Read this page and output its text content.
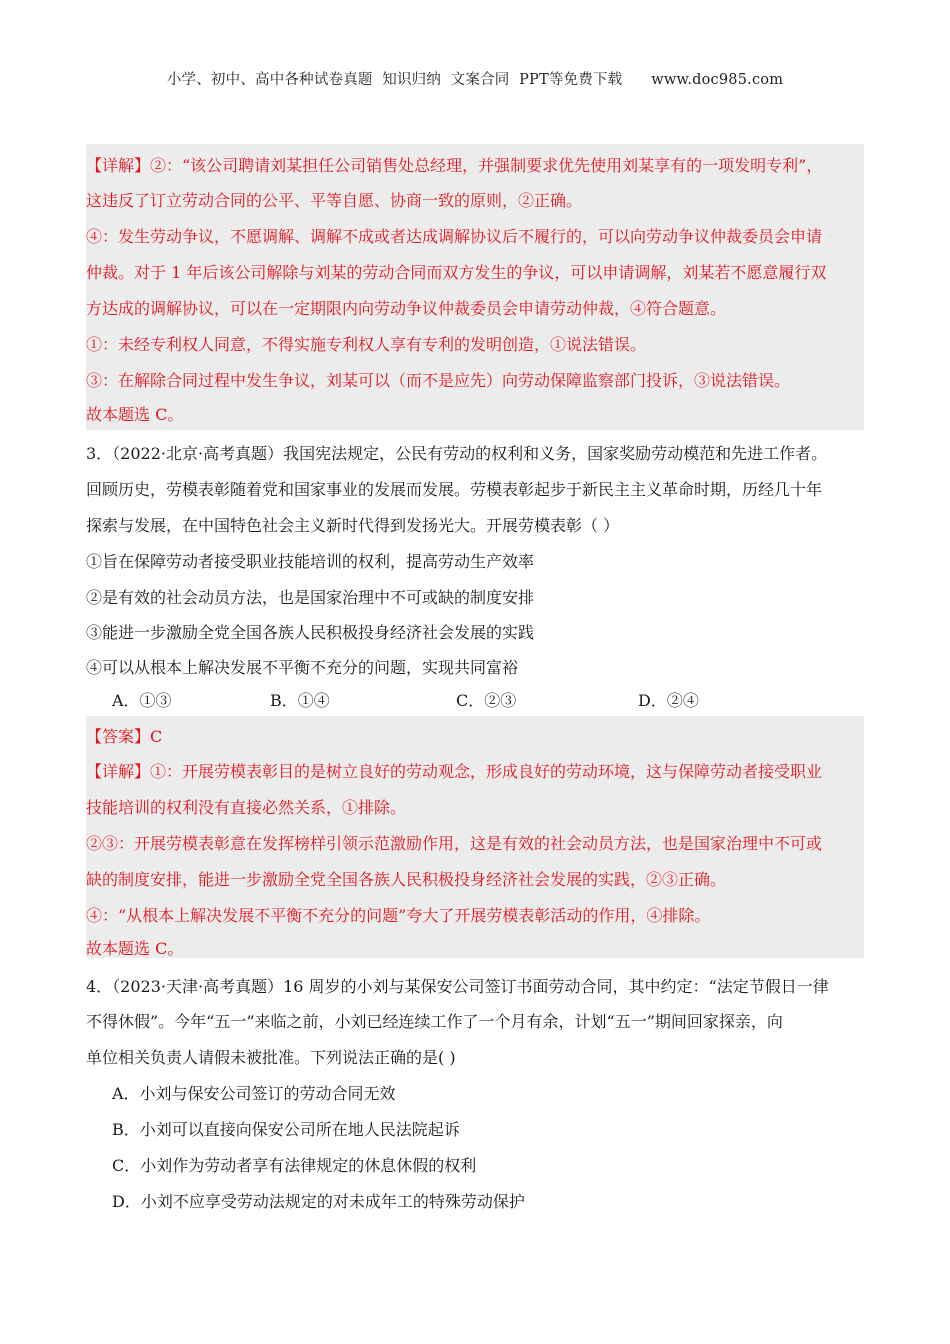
小学、初中、高中各种试卷真题  知识归纳  文案合同  PPT等免费下载      www.doc985.com
【详解】②：“该公司聘请刘某担任公司销售处总经理，并强制要求优先使用刘某享有的一项发明专利”，
这违反了订立劳动合同的公平、平等自愿、协商一致的原则，②正确。
④：发生劳动争议，不愿调解、调解不成或者达成调解协议后不履行的，可以向劳动争议仲裁委员会申请
仲裁。对于 1 年后该公司解除与刘某的劳动合同而双方发生的争议，可以申请调解，刘某若不愿意履行双
方达成的调解协议，可以在一定期限内向劳动争议仲裁委员会申请劳动仲裁，④符合题意。
①：未经专利权人同意，不得实施专利权人享有专利的发明创造，①说法错误。
③：在解除合同过程中发生争议，刘某可以（而不是应先）向劳动保障监察部门投诉，③说法错误。
故本题选 C。
3．（2022·北京·高考真题）我国宪法规定，公民有劳动的权利和义务，国家奖励劳动模范和先进工作者。
回顾历史，劳模表彰随着党和国家事业的发展而发展。劳模表彰起步于新民主主义革命时期，历经几十年
探索与发展，在中国特色社会主义新时代得到发扬光大。开展劳模表彰（ ）
①旨在保障劳动者接受职业技能培训的权利，提高劳动生产效率
②是有效的社会动员方法，也是国家治理中不可或缺的制度安排
③能进一步激励全党全国各族人民积极投身经济社会发展的实践
④可以从根本上解决发展不平衡不充分的问题，实现共同富裕
A．①③	B．①④	C．②③	D．②④
【答案】C
【详解】①：开展劳模表彰目的是树立良好的劳动观念，形成良好的劳动环境，这与保障劳动者接受职业
技能培训的权利没有直接必然关系，①排除。
②③：开展劳模表彰意在发挥榜样引领示范激励作用，这是有效的社会动员方法，也是国家治理中不可或
缺的制度安排，能进一步激励全党全国各族人民积极投身经济社会发展的实践，②③正确。
④：“从根本上解决发展不平衡不充分的问题”夸大了开展劳模表彰活动的作用，④排除。
故本题选 C。
4．（2023·天津·高考真题）16 周岁的小刘与某保安公司签订书面劳动合同，其中约定：“法定节假日一律
不得休假”。今年“五一”来临之前，小刘已经连续工作了一个月有余，计划“五一”期间回家探亲，向
单位相关负责人请假未被批准。下列说法正确的是( )
A．小刘与保安公司签订的劳动合同无效
B．小刘可以直接向保安公司所在地人民法院起诉
C．小刘作为劳动者享有法律规定的休息休假的权利
D．小刘不应享受劳动法规定的对未成年工的特殊劳动保护
